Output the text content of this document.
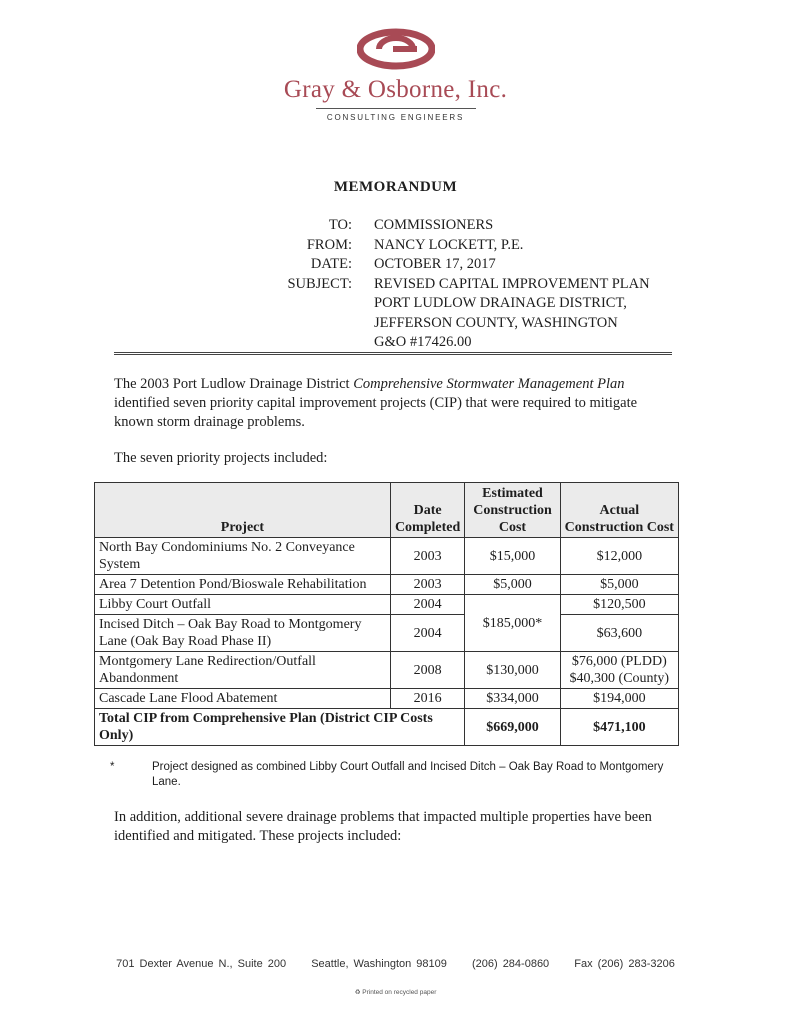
Gray & Osborne, Inc.
CONSULTING ENGINEERS
MEMORANDUM
TO:	COMMISSIONERS
FROM:	NANCY LOCKETT, P.E.
DATE:	OCTOBER 17, 2017
SUBJECT:	REVISED CAPITAL IMPROVEMENT PLAN
PORT LUDLOW DRAINAGE DISTRICT,
JEFFERSON COUNTY, WASHINGTON
G&O #17426.00
The 2003 Port Ludlow Drainage District Comprehensive Stormwater Management Plan identified seven priority capital improvement projects (CIP) that were required to mitigate known storm drainage problems.
The seven priority projects included:
Project	Date Completed	Estimated Construction Cost	Actual Construction Cost
North Bay Condominiums No. 2 Conveyance System	2003	$15,000	$12,000
Area 7 Detention Pond/Bioswale Rehabilitation	2003	$5,000	$5,000
Libby Court Outfall	2004	$185,000*	$120,500
Incised Ditch – Oak Bay Road to Montgomery Lane (Oak Bay Road Phase II)	2004		$63,600
Montgomery Lane Redirection/Outfall Abandonment	2008	$130,000	$76,000 (PLDD)
$40,300 (County)

Cascade Lane Flood Abatement	2016	$334,000	$194,000
Total CIP from Comprehensive Plan (District CIP Costs Only)		$669,000	$471,100
*	Project designed as combined Libby Court Outfall and Incised Ditch – Oak Bay Road to Montgomery Lane.
In addition, additional severe drainage problems that impacted multiple properties have been identified and mitigated. These projects included:
701 Dexter Avenue N., Suite 200 Seattle, Washington 98109 (206) 284-0860 Fax (206) 283-3206
♻ Printed on recycled paper
